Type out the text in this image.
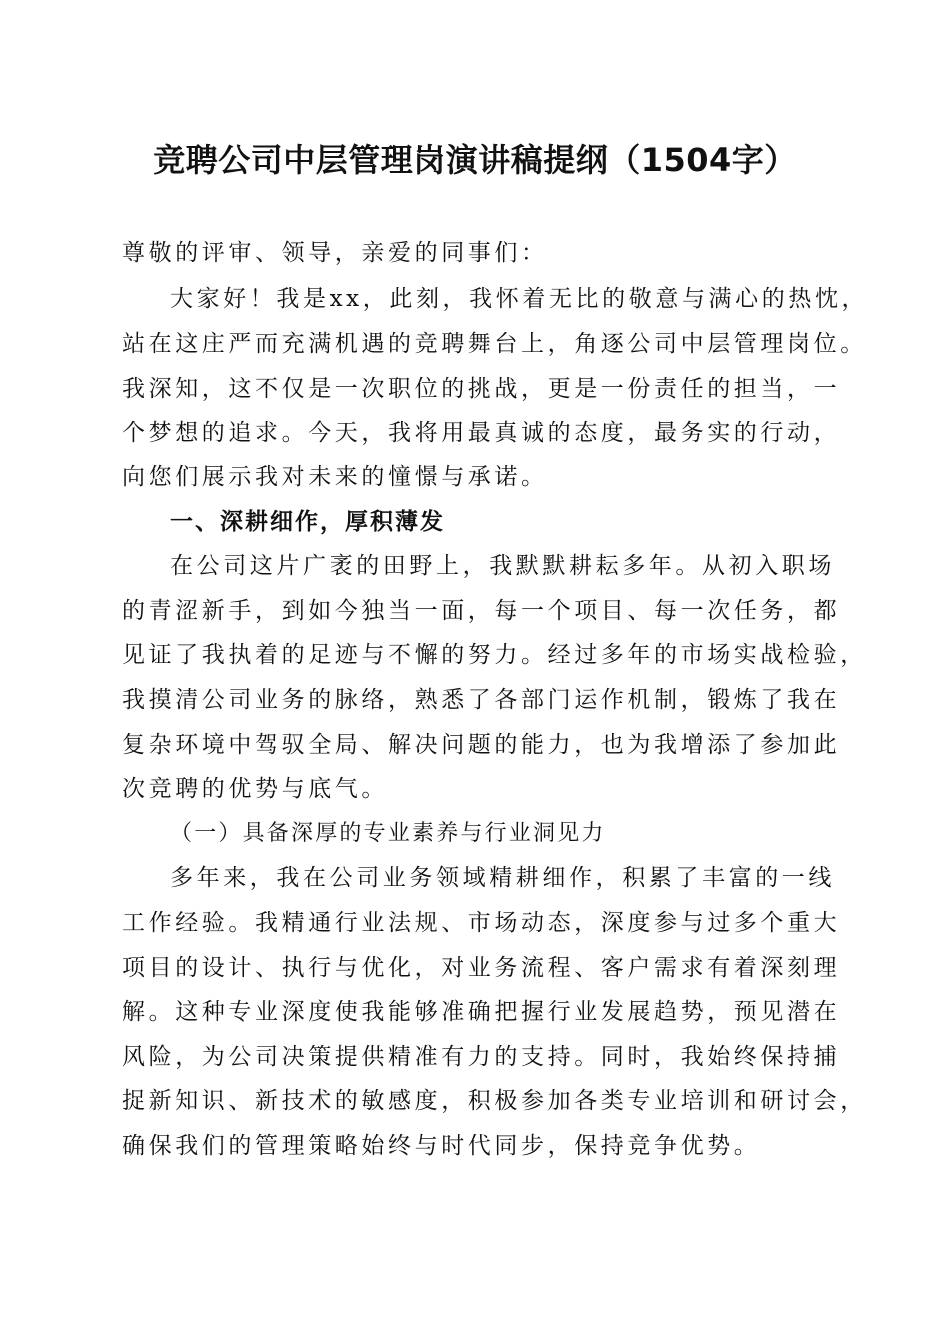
竞聘公司中层管理岗演讲稿提纲（1504字）
尊敬的评审、领导，亲爱的同事们：
大家好！我是xx，此刻，我怀着无比的敬意与满心的热忱，
站在这庄严而充满机遇的竞聘舞台上，角逐公司中层管理岗位。
我深知，这不仅是一次职位的挑战，更是一份责任的担当，一
个梦想的追求。今天，我将用最真诚的态度，最务实的行动，
向您们展示我对未来的憧憬与承诺。
一、深耕细作，厚积薄发
在公司这片广袤的田野上，我默默耕耘多年。从初入职场
的青涩新手，到如今独当一面，每一个项目、每一次任务，都
见证了我执着的足迹与不懈的努力。经过多年的市场实战检验，
我摸清公司业务的脉络，熟悉了各部门运作机制，锻炼了我在
复杂环境中驾驭全局、解决问题的能力，也为我增添了参加此
次竞聘的优势与底气。
（一）具备深厚的专业素养与行业洞见力
多年来，我在公司业务领域精耕细作，积累了丰富的一线
工作经验。我精通行业法规、市场动态，深度参与过多个重大
项目的设计、执行与优化，对业务流程、客户需求有着深刻理
解。这种专业深度使我能够准确把握行业发展趋势，预见潜在
风险，为公司决策提供精准有力的支持。同时，我始终保持捕
捉新知识、新技术的敏感度，积极参加各类专业培训和研讨会，
确保我们的管理策略始终与时代同步，保持竞争优势。
